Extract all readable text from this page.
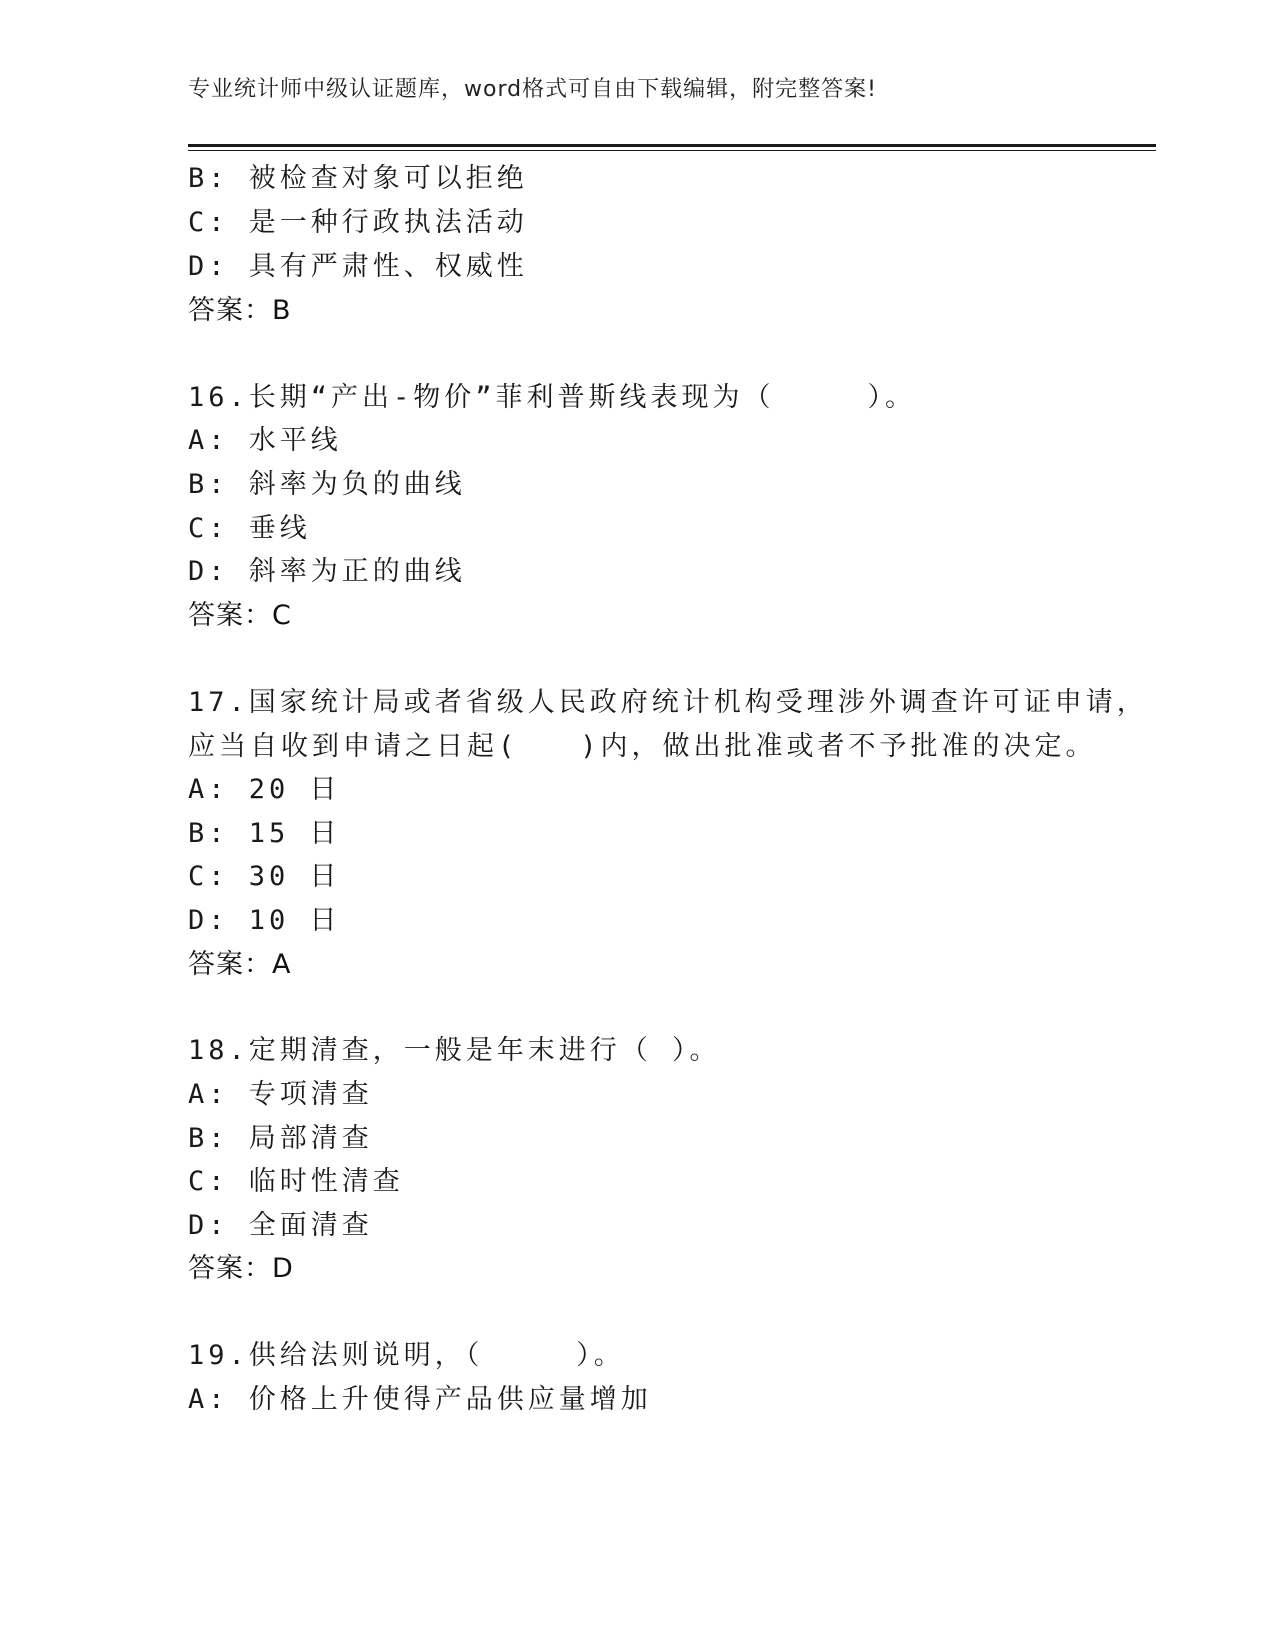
专业统计师中级认证题库，word格式可自由下载编辑，附完整答案!
B: 被检查对象可以拒绝
C: 是一种行政执法活动
D: 具有严肃性、权威性
答案：B
16.长期“产出-物价”菲利普斯线表现为（　　　）。
A: 水平线
B: 斜率为负的曲线
C: 垂线
D: 斜率为正的曲线
答案：C
17.国家统计局或者省级人民政府统计机构受理涉外调查许可证申请，
应当自收到申请之日起(　　)内，做出批准或者不予批准的决定。
A: 20 日
B: 15 日
C: 30 日
D: 10 日
答案：A
18.定期清查，一般是年末进行（ ）。
A: 专项清查
B: 局部清查
C: 临时性清查
D: 全面清查
答案：D
19.供给法则说明，（　　　）。
A: 价格上升使得产品供应量增加
